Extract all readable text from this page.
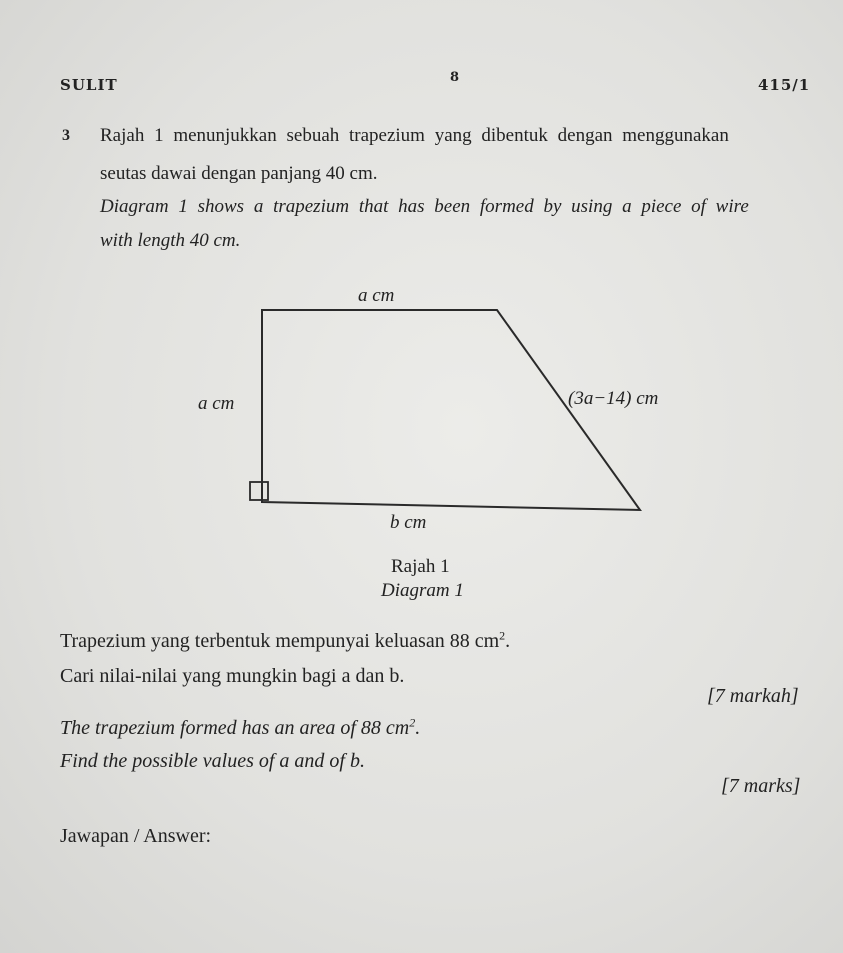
SULIT	8	415/1
3 Rajah 1 menunjukkan sebuah trapezium yang dibentuk dengan menggunakan
seutas dawai dengan panjang 40 cm.
Diagram 1 shows a trapezium that has been formed by using a piece of wire
with length 40 cm.
a cm
a cm	(3a−14) cm
b cm
Rajah 1
Diagram 1
Trapezium yang terbentuk mempunyai keluasan 88 $cm^2$.
Cari nilai-nilai yang mungkin bagi a dan b.
[7 markah]
The trapezium formed has an area of 88 $cm^2$.
Find the possible values of a and of b.
[7 marks]
Jawapan / Answer:
